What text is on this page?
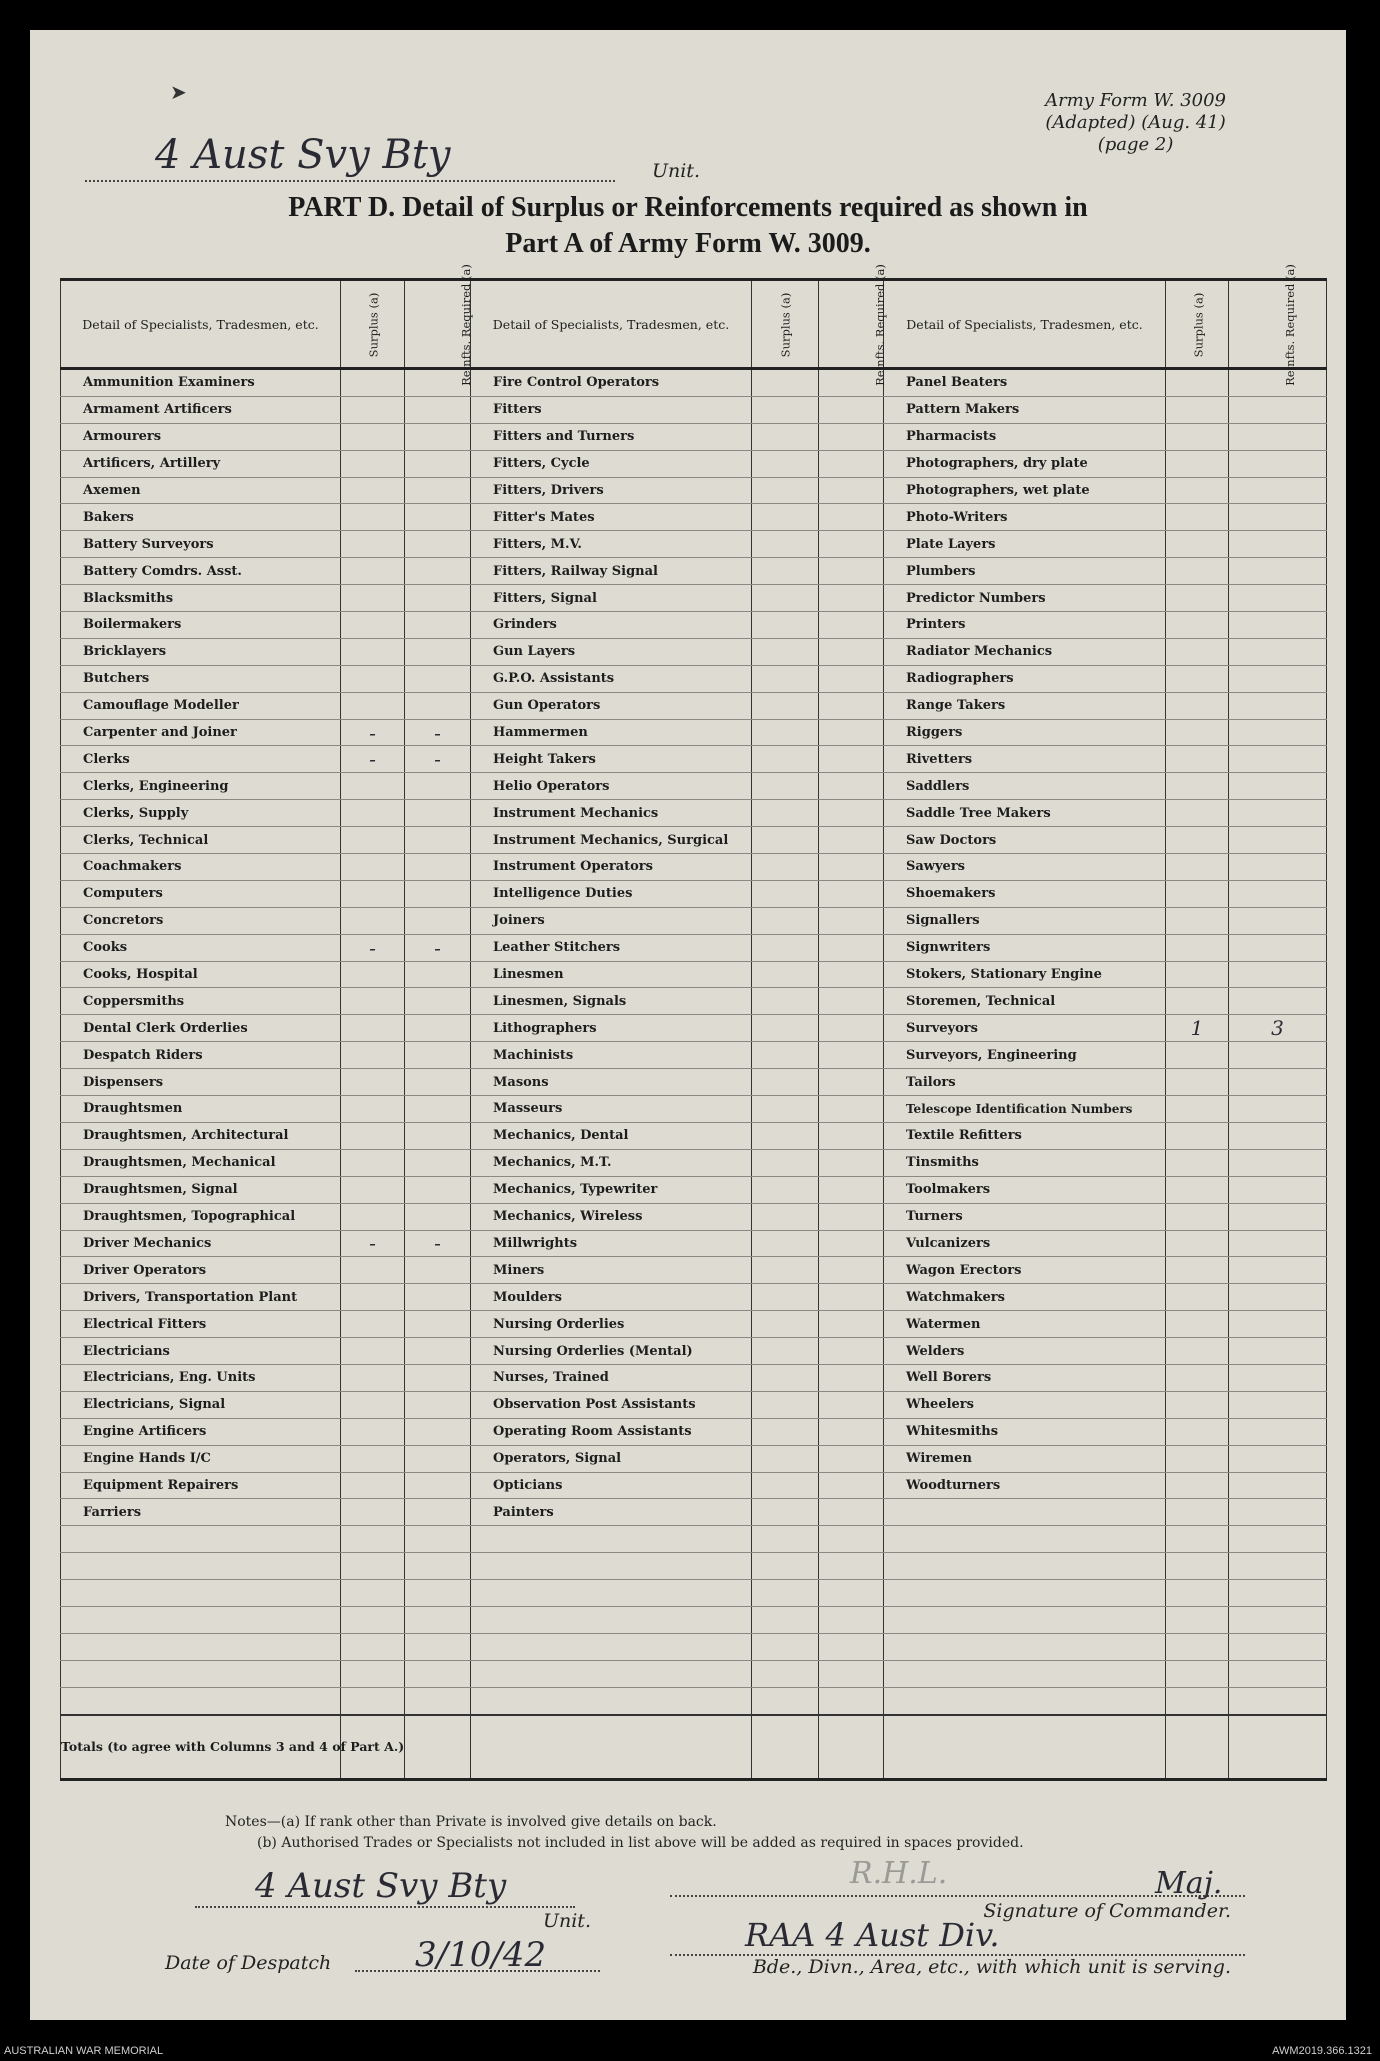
➤	Army Form W. 3009
(Adapted) (Aug. 41)
(page 2)
4 Aust Svy Bty	Unit.
PART D. Detail of Surplus or Reinforcements required as shown in
Part A of Army Form W. 3009.
Detail of Specialists, Tradesmen, etc.	Surplus (a)	Reinfts. Required (a)	Detail of Specialists, Tradesmen, etc.	Surplus (a)	Reinfts. Required (a)	Detail of Specialists, Tradesmen, etc.	Surplus (a)	Reinfts. Required (a)
Ammunition Examiners			Fire Control Operators			Panel Beaters		
Armament Artificers			Fitters			Pattern Makers		
Armourers			Fitters and Turners			Pharmacists		
Artificers, Artillery			Fitters, Cycle			Photographers, dry plate		
Axemen			Fitters, Drivers			Photographers, wet plate		
Bakers			Fitter's Mates			Photo-Writers		
Battery Surveyors			Fitters, M.V.			Plate Layers		
Battery Comdrs. Asst.			Fitters, Railway Signal			Plumbers		
Blacksmiths			Fitters, Signal			Predictor Numbers		
Boilermakers			Grinders			Printers		
Bricklayers			Gun Layers			Radiator Mechanics		
Butchers			G.P.O. Assistants			Radiographers		
Camouflage Modeller			Gun Operators			Range Takers		
Carpenter and Joiner	-	-	Hammermen			Riggers		
Clerks	-	-	Height Takers			Rivetters		
Clerks, Engineering			Helio Operators			Saddlers		
Clerks, Supply			Instrument Mechanics			Saddle Tree Makers		
Clerks, Technical			Instrument Mechanics, Surgical			Saw Doctors		
Coachmakers			Instrument Operators			Sawyers		
Computers			Intelligence Duties			Shoemakers		
Concretors			Joiners			Signallers		
Cooks	-	-	Leather Stitchers			Signwriters		
Cooks, Hospital			Linesmen			Stokers, Stationary Engine		
Coppersmiths			Linesmen, Signals			Storemen, Technical		
Dental Clerk Orderlies			Lithographers			Surveyors	1	3
Despatch Riders			Machinists			Surveyors, Engineering		
Dispensers			Masons			Tailors		
Draughtsmen			Masseurs			Telescope Identification Numbers		
Draughtsmen, Architectural			Mechanics, Dental			Textile Refitters		
Draughtsmen, Mechanical			Mechanics, M.T.			Tinsmiths		
Draughtsmen, Signal			Mechanics, Typewriter			Toolmakers		
Draughtsmen, Topographical			Mechanics, Wireless			Turners		
Driver Mechanics	-	-	Millwrights			Vulcanizers		
Driver Operators			Miners			Wagon Erectors		
Drivers, Transportation Plant			Moulders			Watchmakers		
Electrical Fitters			Nursing Orderlies			Watermen		
Electricians			Nursing Orderlies (Mental)			Welders		
Electricians, Eng. Units			Nurses, Trained			Well Borers		
Electricians, Signal			Observation Post Assistants			Wheelers		
Engine Artificers			Operating Room Assistants			Whitesmiths		
Engine Hands I/C			Operators, Signal			Wiremen		
Equipment Repairers			Opticians			Woodturners		
Farriers			Painters					

Totals (to agree with Columns 3 and 4 of Part A.)								
Notes—(a) If rank other than Private is involved give details on back.
(b) Authorised Trades or Specialists not included in list above will be added as required in spaces provided.
4 Aust Svy Bty
Unit.
R.H.L.	Maj.
Signature of Commander.
Date of Despatch 3/10/42	RAA 4 Aust Div.
Bde., Divn., Area, etc., with which unit is serving.
AUSTRALIAN WAR MEMORIAL	AWM2019.366.1321
